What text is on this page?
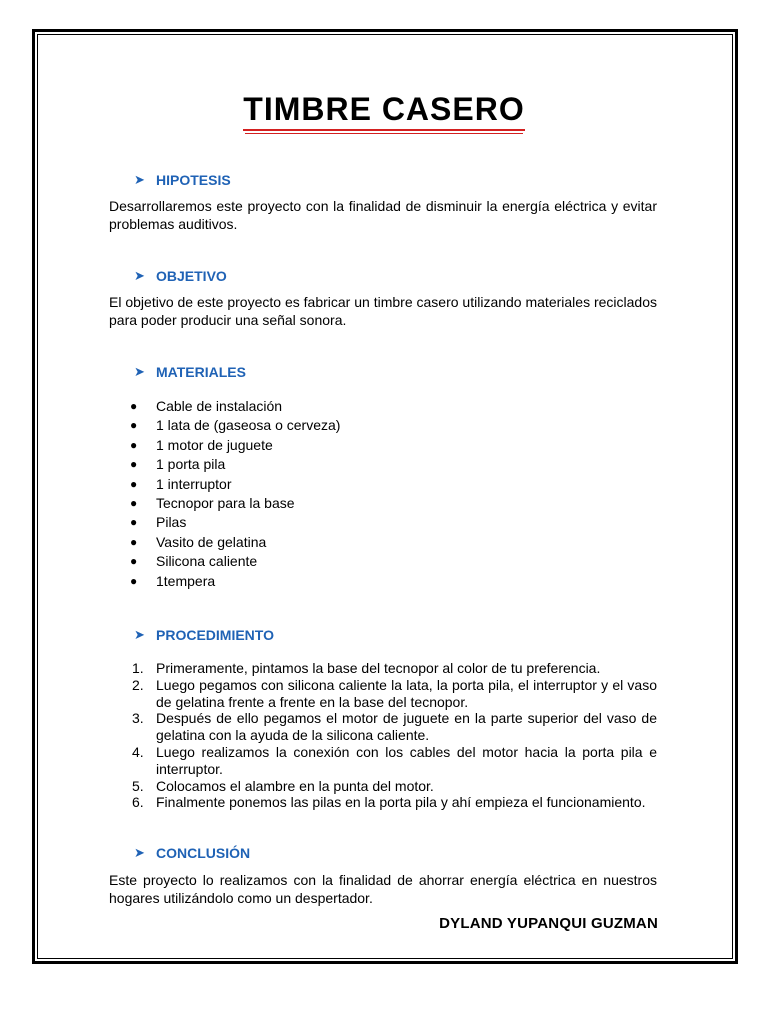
TIMBRE CASERO
➤ HIPOTESIS
Desarrollaremos este proyecto con la finalidad de disminuir la energía eléctrica y evitar problemas auditivos.
➤ OBJETIVO
El objetivo de este proyecto es fabricar un timbre casero utilizando materiales reciclados para poder producir una señal sonora.
➤ MATERIALES
●	Cable de instalación
●	1 lata de (gaseosa o cerveza)
●	1 motor de juguete
●	1 porta pila
●	1 interruptor
●	Tecnopor para la base
●	Pilas
●	Vasito de gelatina
●	Silicona caliente
●	1tempera
➤ PROCEDIMIENTO
1. Primeramente, pintamos la base del tecnopor al color de tu preferencia.
2. Luego pegamos con silicona caliente la lata, la porta pila, el interruptor y el vaso de gelatina frente a frente en la base del tecnopor.
3. Después de ello pegamos el motor de juguete en la parte superior del vaso de gelatina con la ayuda de la silicona caliente.
4. Luego realizamos la conexión con los cables del motor hacia la porta pila e interruptor.
5. Colocamos el alambre en la punta del motor.
6. Finalmente ponemos las pilas en la porta pila y ahí empieza el funcionamiento.
➤ CONCLUSIÓN
Este proyecto lo realizamos con la finalidad de ahorrar energía eléctrica en nuestros hogares utilizándolo como un despertador.
DYLAND YUPANQUI GUZMAN
